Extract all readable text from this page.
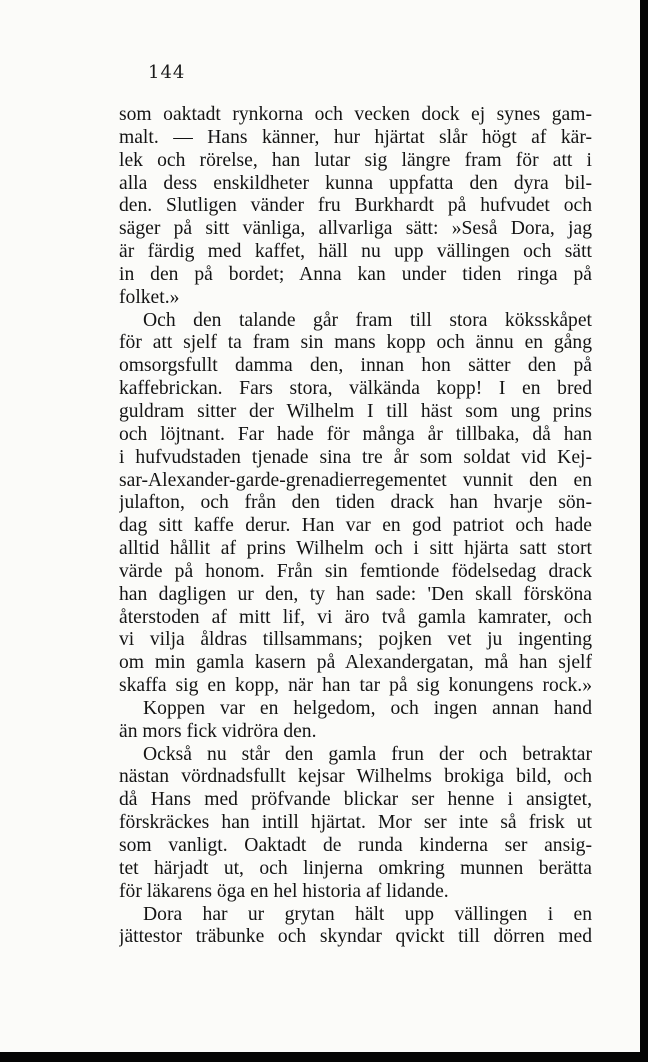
144
som oaktadt rynkorna och vecken dock ej synes gam-
malt. — Hans känner, hur hjärtat slår högt af kär-
lek och rörelse, han lutar sig längre fram för att i
alla dess enskildheter kunna uppfatta den dyra bil-
den. Slutligen vänder fru Burkhardt på hufvudet och
säger på sitt vänliga, allvarliga sätt: »Seså Dora, jag
är färdig med kaffet, häll nu upp vällingen och sätt
in den på bordet; Anna kan under tiden ringa på
folket.»
Och den talande går fram till stora köksskåpet
för att sjelf ta fram sin mans kopp och ännu en gång
omsorgsfullt damma den, innan hon sätter den på
kaffebrickan. Fars stora, välkända kopp! I en bred
guldram sitter der Wilhelm I till häst som ung prins
och löjtnant. Far hade för många år tillbaka, då han
i hufvudstaden tjenade sina tre år som soldat vid Kej-
sar-Alexander-garde-grenadierregementet vunnit den en
julafton, och från den tiden drack han hvarje sön-
dag sitt kaffe derur. Han var en god patriot och hade
alltid hållit af prins Wilhelm och i sitt hjärta satt stort
värde på honom. Från sin femtionde födelsedag drack
han dagligen ur den, ty han sade: 'Den skall försköna
återstoden af mitt lif, vi äro två gamla kamrater, och
vi vilja åldras tillsammans; pojken vet ju ingenting
om min gamla kasern på Alexandergatan, må han sjelf
skaffa sig en kopp, när han tar på sig konungens rock.»
Koppen var en helgedom, och ingen annan hand
än mors fick vidröra den.
Också nu står den gamla frun der och betraktar
nästan vördnadsfullt kejsar Wilhelms brokiga bild, och
då Hans med pröfvande blickar ser henne i ansigtet,
förskräckes han intill hjärtat. Mor ser inte så frisk ut
som vanligt. Oaktadt de runda kinderna ser ansig-
tet härjadt ut, och linjerna omkring munnen berätta
för läkarens öga en hel historia af lidande.
Dora har ur grytan hält upp vällingen i en
jättestor träbunke och skyndar qvickt till dörren med
